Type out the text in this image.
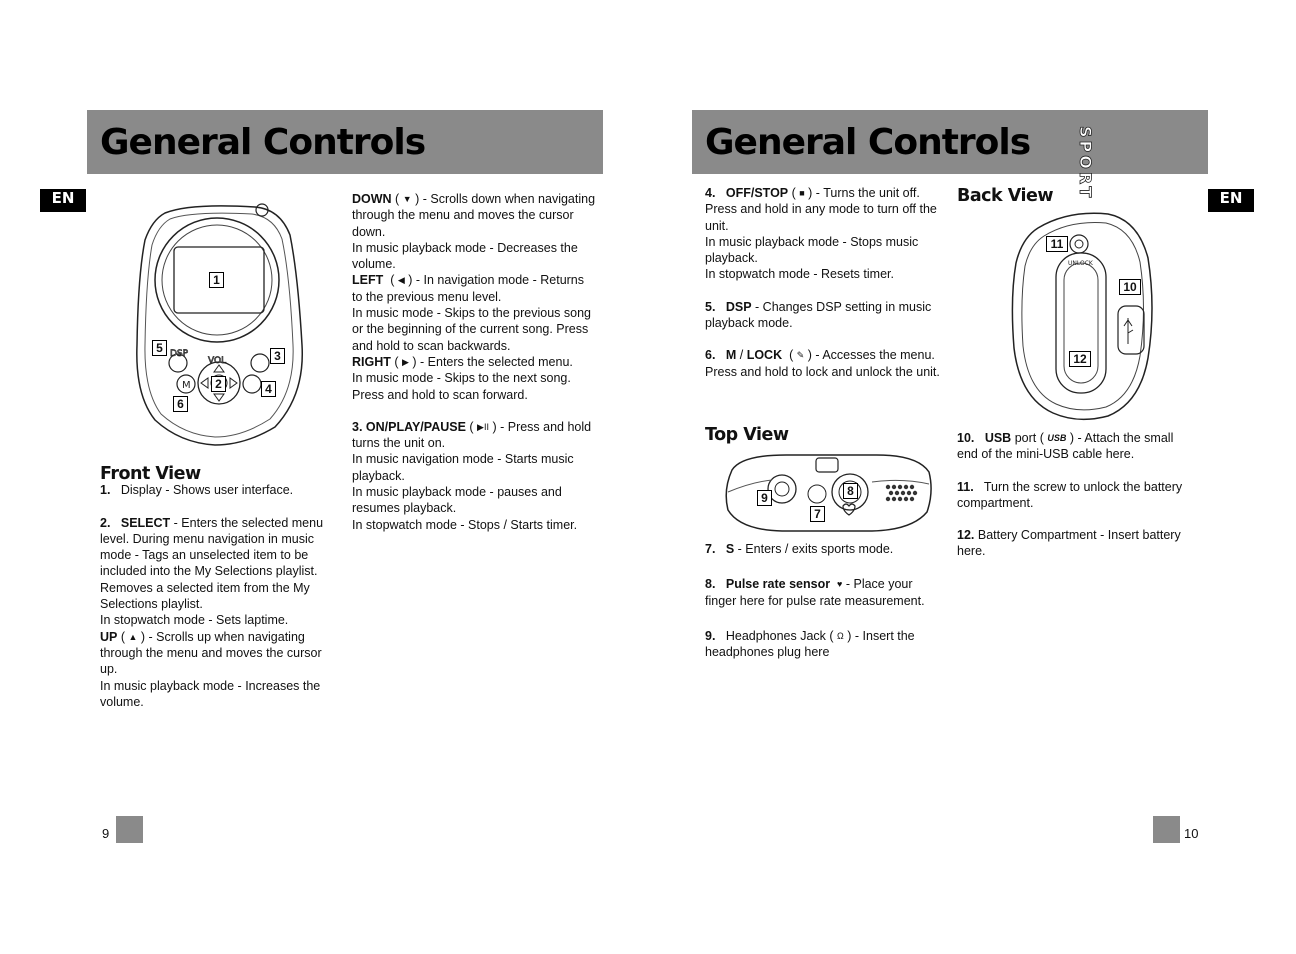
General Controls
EN
DSP
VOL
M
1
2
3
4
5
6

Front View

1. Display - Shows user interface.

2. SELECT - Enters the selected menu level. During menu navigation in music mode - Tags an unselected item to be included into the My Selections playlist. Removes a selected item from the My Selections playlist.

In stopwatch mode - Sets laptime.

UP ( ▲ ) - Scrolls up when navigating through the menu and moves the cursor up.

In music playback mode - Increases the volume.

DOWN ( ▼ ) - Scrolls down when navigating through the menu and moves the cursor down.

In music playback mode - Decreases the volume.

LEFT  ( ◀ ) - In navigation mode - Returns to the previous menu level.

In music mode - Skips to the previous song or the beginning of the current song. Press and hold to scan backwards.

RIGHT ( ▶ ) - Enters the selected menu.

In music mode - Skips to the next song. Press and hold to scan forward.

3. ON/PLAY/PAUSE ( ▶II ) - Press and hold turns the unit on.

In music navigation mode - Starts music playback.

In music playback mode - pauses and resumes playback.

In stopwatch mode - Stops / Starts timer.

9
General Controls
EN

4. OFF/STOP ( ■ ) - Turns the unit off. Press and hold in any mode to turn off the unit.

In music playback mode - Stops music playback.

In stopwatch mode - Resets timer.

5. DSP - Changes DSP setting in music playback mode.

6. M / LOCK  ( ✎ ) - Accesses the menu. Press and hold to lock and unlock the unit.

Top View

9	8
7

7. S - Enters / exits sports mode.

8. Pulse rate sensor ♥ - Place your finger here for pulse rate measurement.

9. Headphones Jack ( Ω ) - Insert the headphones plug here

Back View SPORT
UNLOCK
11
10
12

10. USB port ( USB ) - Attach the small end of the mini-USB cable here.

11. Turn the screw to unlock the battery compartment.

12. Battery Compartment - Insert battery here.

10
